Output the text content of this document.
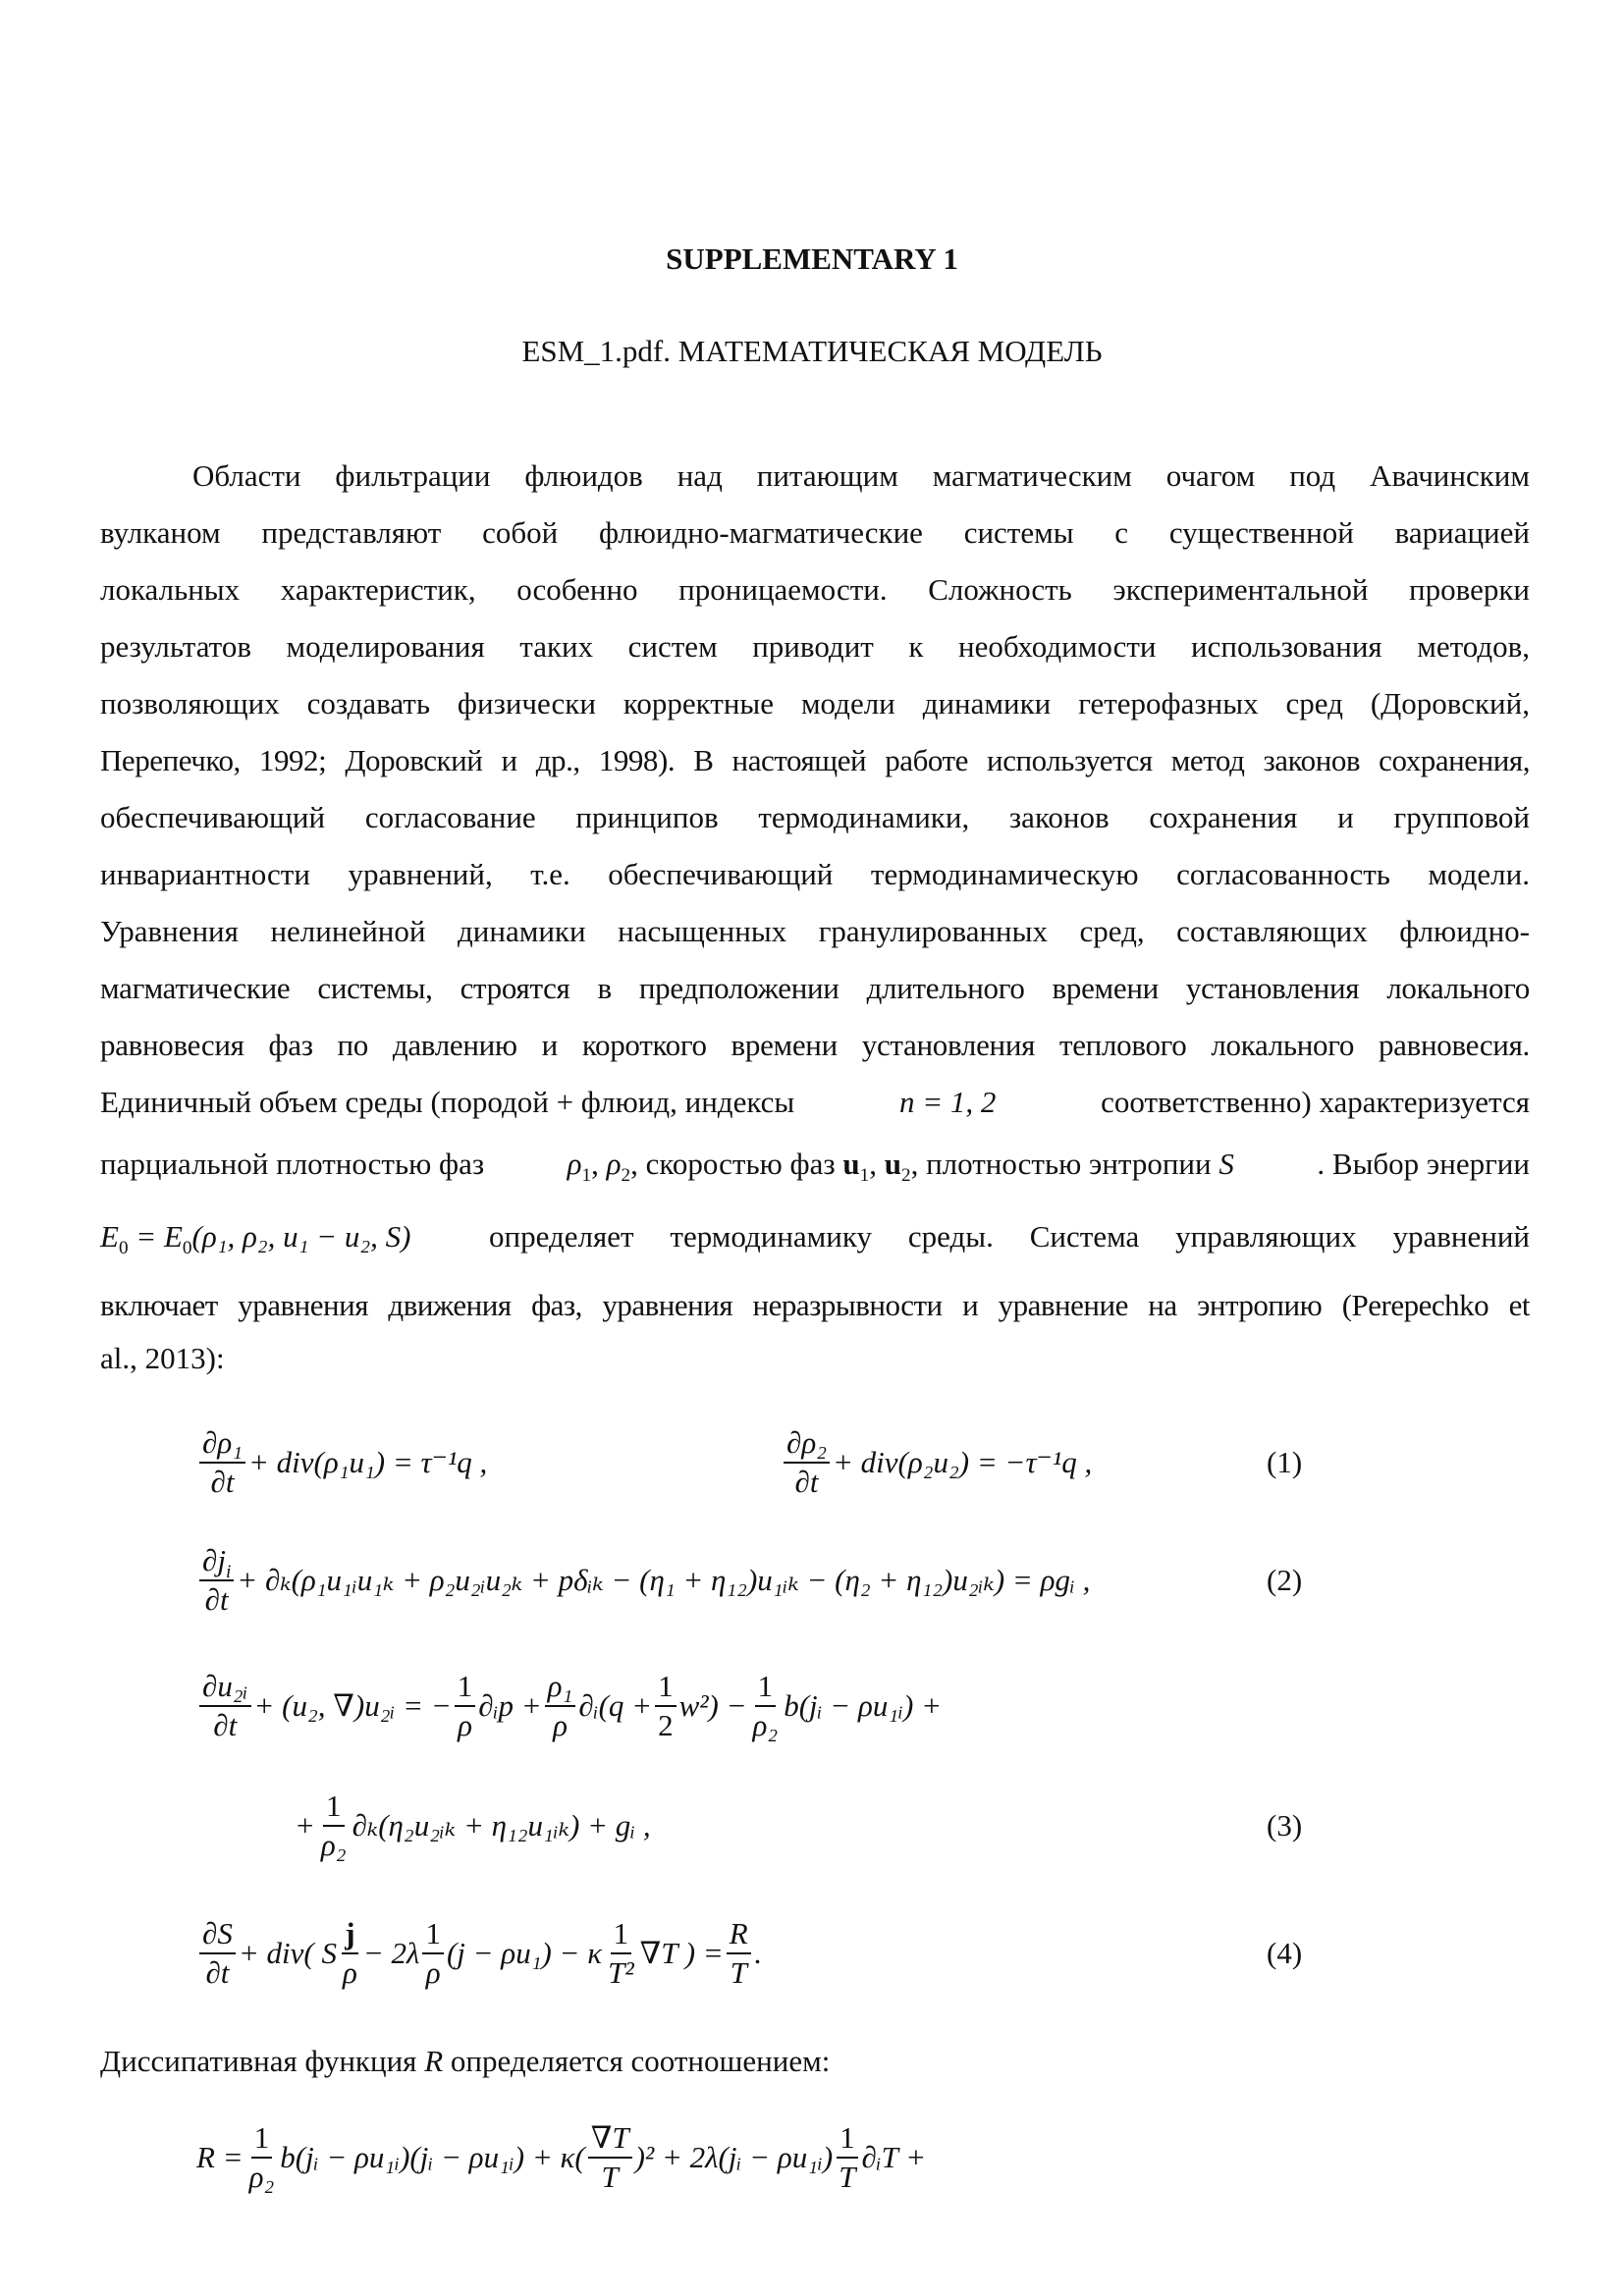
SUPPLEMENTARY 1
ESM_1.pdf. МАТЕМАТИЧЕСКАЯ МОДЕЛЬ
Области фильтрации флюидов над питающим магматическим очагом под Авачинским
вулканом представляют собой флюидно-магматические системы с существенной вариацией
локальных характеристик, особенно проницаемости. Сложность экспериментальной проверки
результатов моделирования таких систем приводит к необходимости использования методов,
позволяющих создавать физически корректные модели динамики гетерофазных сред (Доровский,
Перепечко, 1992; Доровский и др., 1998). В настоящей работе используется метод законов сохранения,
обеспечивающий согласование принципов термодинамики, законов сохранения и групповой
инвариантности уравнений, т.е. обеспечивающий термодинамическую согласованность модели.
Уравнения нелинейной динамики насыщенных гранулированных сред, составляющих флюидно-
магматические системы, строятся в предположении длительного времени установления локального
равновесия фаз по давлению и короткого времени установления теплового локального равновесия.
Единичный объем среды (породой + флюид, индексы	n = 1, 2	соответственно) характеризуется
парциальной плотностью фаз	$\rho_1$, $\rho_2$, скоростью фаз $u_1$, $u_2$, плотностью энтропии S	. Выбор энергии
$E_0 = E_0(\rho_1$, ρ₂, u₁ − u₂, S)	определяет термодинамику среды. Система управляющих уравнений
включает уравнения движения фаз, уравнения неразрывности и уравнение на энтропию (Perepechko et
al., 2013):
$\frac{\text{∂ρ₁}}{\partial t} + div(\rho_1u_1) = \tau^{-1}q$ ,	$\frac{\text{∂ρ₂}}{\partial t} + div(\rho_2u_2) = -\tau^{-1}q$ ,	(1)
$\frac{\partial j_i}{\partial t}$ + ∂ₖ(ρ₁u₁ᵢu₁ₖ + ρ₂u₂ᵢu₂ₖ + pδᵢₖ − (η₁ + η₁₂)u₁ᵢₖ − (η₂ + η₁₂)u₂ᵢₖ) = ρgᵢ ,	(2)
$\frac{\text{∂u₂ᵢ}}{\partial t} + (u_2$, ∇)u₂ᵢ = − $\frac{1}{\rho}$ ∂ᵢp + $\frac{\text{ρ₁}}{\rho}$ ∂ᵢ(q + $\frac{1}{2} w^2) - \frac{1}{\text{ρ₂}}$ b(jᵢ − ρu₁ᵢ) +
+ $\frac{1}{\text{ρ₂}}$ ∂ₖ(η₂u₂ᵢₖ + η₁₂u₁ᵢₖ) + gᵢ ,	(3)
$\frac{\partial S}{\partial t} + div$( S $\frac{j}{\rho} - 2\lambda \frac{1}{\rho} (j - \rho u_1) - \kappa \frac{1}{\text{T²}} \nabla T$ ) = $\frac{R}{T}$ .	(4)
Диссипативная функция R определяется соотношением:
$R = \frac{1}{\text{ρ₂}}$ b(jᵢ − ρu₁ᵢ)(jᵢ − ρu₁ᵢ) + $\kappa( \frac{\nabla T}{T} )^2$ + 2λ(jᵢ − ρu₁ᵢ) $\frac{1}{T}$ ∂ᵢT +
